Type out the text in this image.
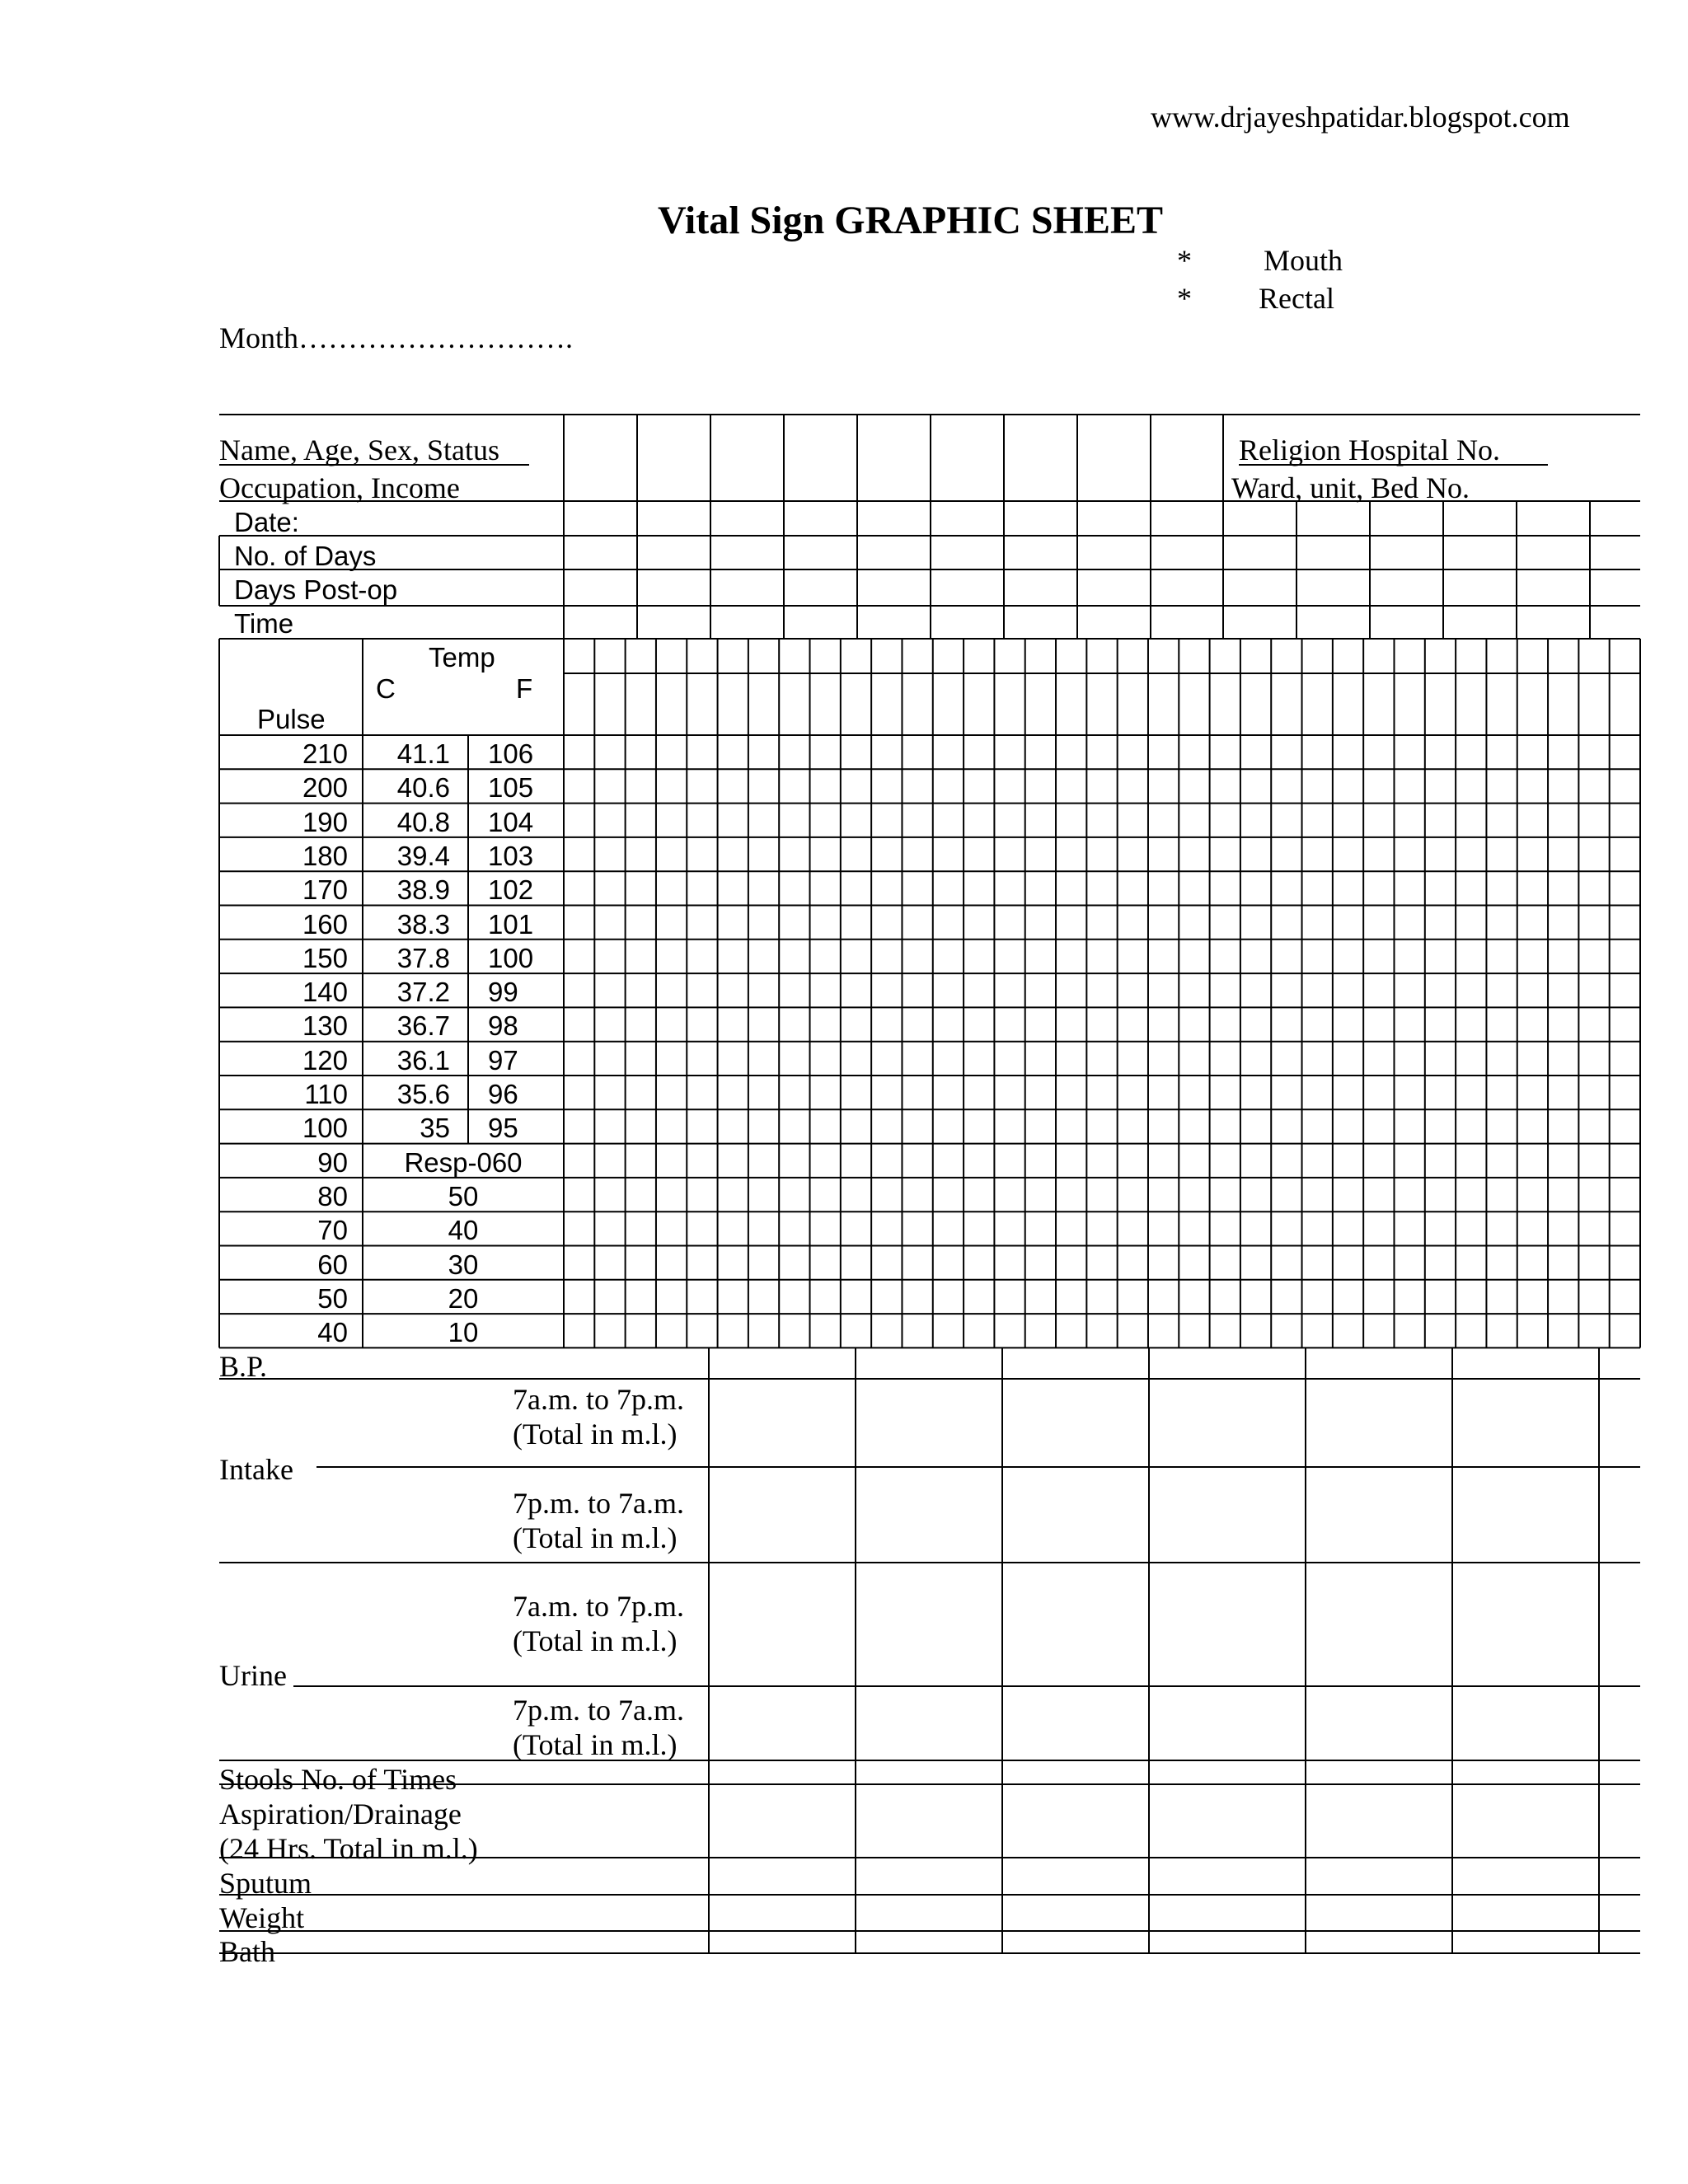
www.drjayeshpatidar.blogspot.com
Vital Sign GRAPHIC SHEET
* Mouth
* Rectal
Month……………………….
Name, Age, Sex, Status
Occupation, Income
Religion Hospital No.
Ward, unit, Bed No.
Date:
No. of Days
Days Post-op
Time
Temp
C	F
Pulse
210	41.1 106
200	40.6 105
190	40.8 104
180	39.4 103
170	38.9 102
160	38.3 101
150	37.8 100
140	37.2 99
130	36.7 98
120	36.1 97
110	35.6 96
100	35 95
90	Resp-060
80	50
70	40
60	30
50	20
40	10
B.P.
7a.m. to 7p.m.
(Total in m.l.)
Intake
7p.m. to 7a.m.
(Total in m.l.)
7a.m. to 7p.m.
(Total in m.l.)
Urine
7p.m. to 7a.m.
(Total in m.l.)
Stools No. of Times
Aspiration/Drainage
(24 Hrs. Total in m.l.)
Sputum
Weight
Bath
